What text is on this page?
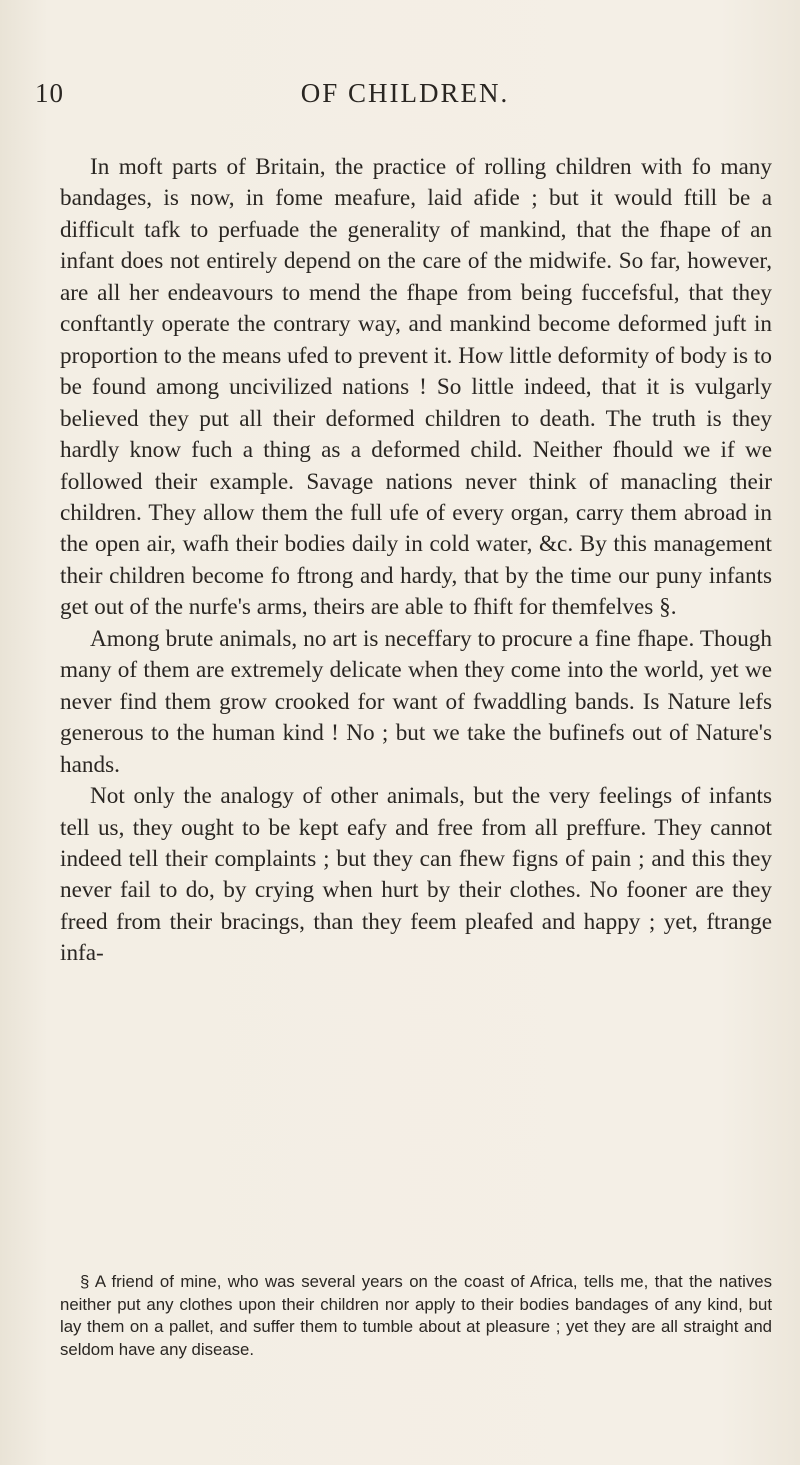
10	OF CHILDREN.

In moft parts of Britain, the practice of rolling children with fo many bandages, is now, in fome meafure, laid afide ; but it would ftill be a difficult tafk to perfuade the generality of mankind, that the fhape of an infant does not entirely depend on the care of the midwife. So far, however, are all her endeavours to mend the fhape from being fuccefsful, that they conftantly operate the contrary way, and mankind become deformed juft in proportion to the means ufed to prevent it. How little deformity of body is to be found among uncivilized nations ! So little indeed, that it is vulgarly believed they put all their deformed children to death. The truth is they hardly know fuch a thing as a deformed child. Neither fhould we if we followed their example. Savage nations never think of manacling their children. They allow them the full ufe of every organ, carry them abroad in the open air, wafh their bodies daily in cold water, &c. By this management their children become fo ftrong and hardy, that by the time our puny infants get out of the nurfe's arms, theirs are able to fhift for themfelves §.

Among brute animals, no art is neceffary to procure a fine fhape. Though many of them are extremely delicate when they come into the world, yet we never find them grow crooked for want of fwaddling bands. Is Nature lefs generous to the human kind ! No ; but we take the bufinefs out of Nature's hands.

Not only the analogy of other animals, but the very feelings of infants tell us, they ought to be kept eafy and free from all preffure. They cannot indeed tell their complaints ; but they can fhew figns of pain ; and this they never fail to do, by crying when hurt by their clothes. No fooner are they freed from their bracings, than they feem pleafed and happy ; yet, ftrange infa-

§ A friend of mine, who was several years on the coast of Africa, tells me, that the natives neither put any clothes upon their children nor apply to their bodies bandages of any kind, but lay them on a pallet, and suffer them to tumble about at pleasure ; yet they are all straight and seldom have any disease.
